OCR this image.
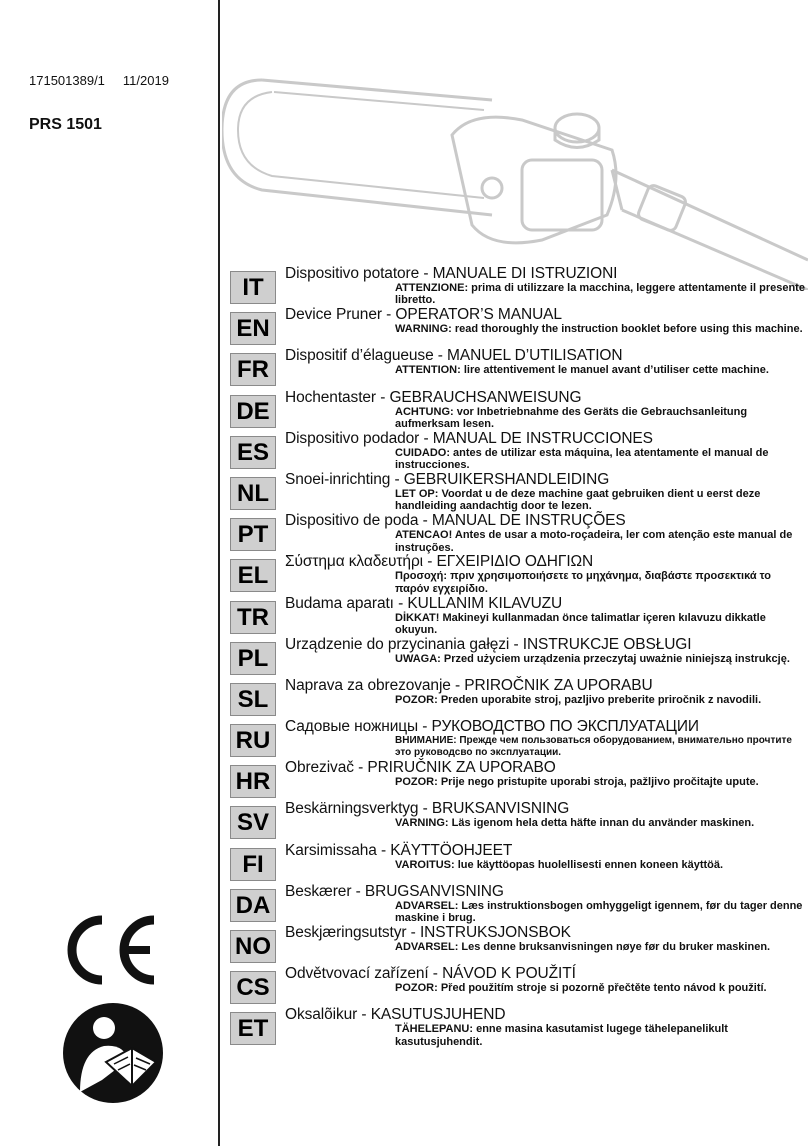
171501389/1 11/2019
PRS 1501
IT
Dispositivo potatore - MANUALE DI ISTRUZIONI
ATTENZIONE: prima di utilizzare la macchina, leggere attentamente il presente libretto.
EN
Device Pruner - OPERATOR’S MANUAL
WARNING: read thoroughly the instruction booklet before using this machine.
FR
Dispositif d’élagueuse - MANUEL D’UTILISATION
ATTENTION: lire attentivement le manuel avant d’utiliser cette machine.
DE
Hochentaster - GEBRAUCHSANWEISUNG
ACHTUNG: vor Inbetriebnahme des Geräts die Gebrauchsanleitung aufmerksam lesen.
ES
Dispositivo podador - MANUAL DE INSTRUCCIONES
CUIDADO: antes de utilizar esta máquina, lea atentamente el manual de instrucciones.
NL
Snoei-inrichting - GEBRUIKERSHANDLEIDING
LET OP: Voordat u de deze machine gaat gebruiken dient u eerst deze handleiding aandachtig door te lezen.
PT
Dispositivo de poda - MANUAL DE INSTRUÇÕES
ATENCAO! Antes de usar a moto-roçadeira, ler com atenção este manual de instruções.
EL
Σύστημα κλαδευτήρι - ΕΓΧΕΙΡΙΔΙΟ ΟΔΗΓΙΩΝ
Προσοχή: πριν χρησιμοποιήσετε το μηχάνημα, διαβάστε προσεκτικά το παρόν εγχειρίδιο.
TR
Budama aparatı - KULLANIM KILAVUZU
DİKKAT! Makineyi kullanmadan önce talimatlar içeren kılavuzu dikkatle okuyun.
PL
Urządzenie do przycinania gałęzi - INSTRUKCJE OBSŁUGI
UWAGA: Przed użyciem urządzenia przeczytaj uważnie niniejszą instrukcję.
SL
Naprava za obrezovanje - PRIROČNIK ZA UPORABU
POZOR: Preden uporabite stroj, pazljivo preberite priročnik z navodili.
RU
Садовые ножницы - РУКОВОДСТВО ПО ЭКСПЛУАТАЦИИ
ВНИМАНИЕ: Прежде чем пользоваться оборудованием, внимательно прочтите это руководсво по эксплуатации.
HR
Obrezivač - PRIRUČNIK ZA UPORABO
POZOR: Prije nego pristupite uporabi stroja, pažljivo pročitajte upute.
SV
Beskärningsverktyg - BRUKSANVISNING
VARNING: Läs igenom hela detta häfte innan du använder maskinen.
FI
Karsimissaha - KÄYTTÖOHJEET
VAROITUS: lue käyttöopas huolellisesti ennen koneen käyttöä.
DA
Beskærer - BRUGSANVISNING
ADVARSEL: Læs instruktionsbogen omhyggeligt igennem, før du tager denne maskine i brug.
NO
Beskjæringsutstyr - INSTRUKSJONSBOK
ADVARSEL: Les denne bruksanvisningen nøye før du bruker maskinen.
CS
Odvětvovací zařízení - NÁVOD K POUŽITÍ
POZOR: Před použitím stroje si pozorně přečtěte tento návod k použití.
ET
Oksalõikur - KASUTUSJUHEND
TÄHELEPANU: enne masina kasutamist lugege tähelepanelikult kasutusjuhendit.
